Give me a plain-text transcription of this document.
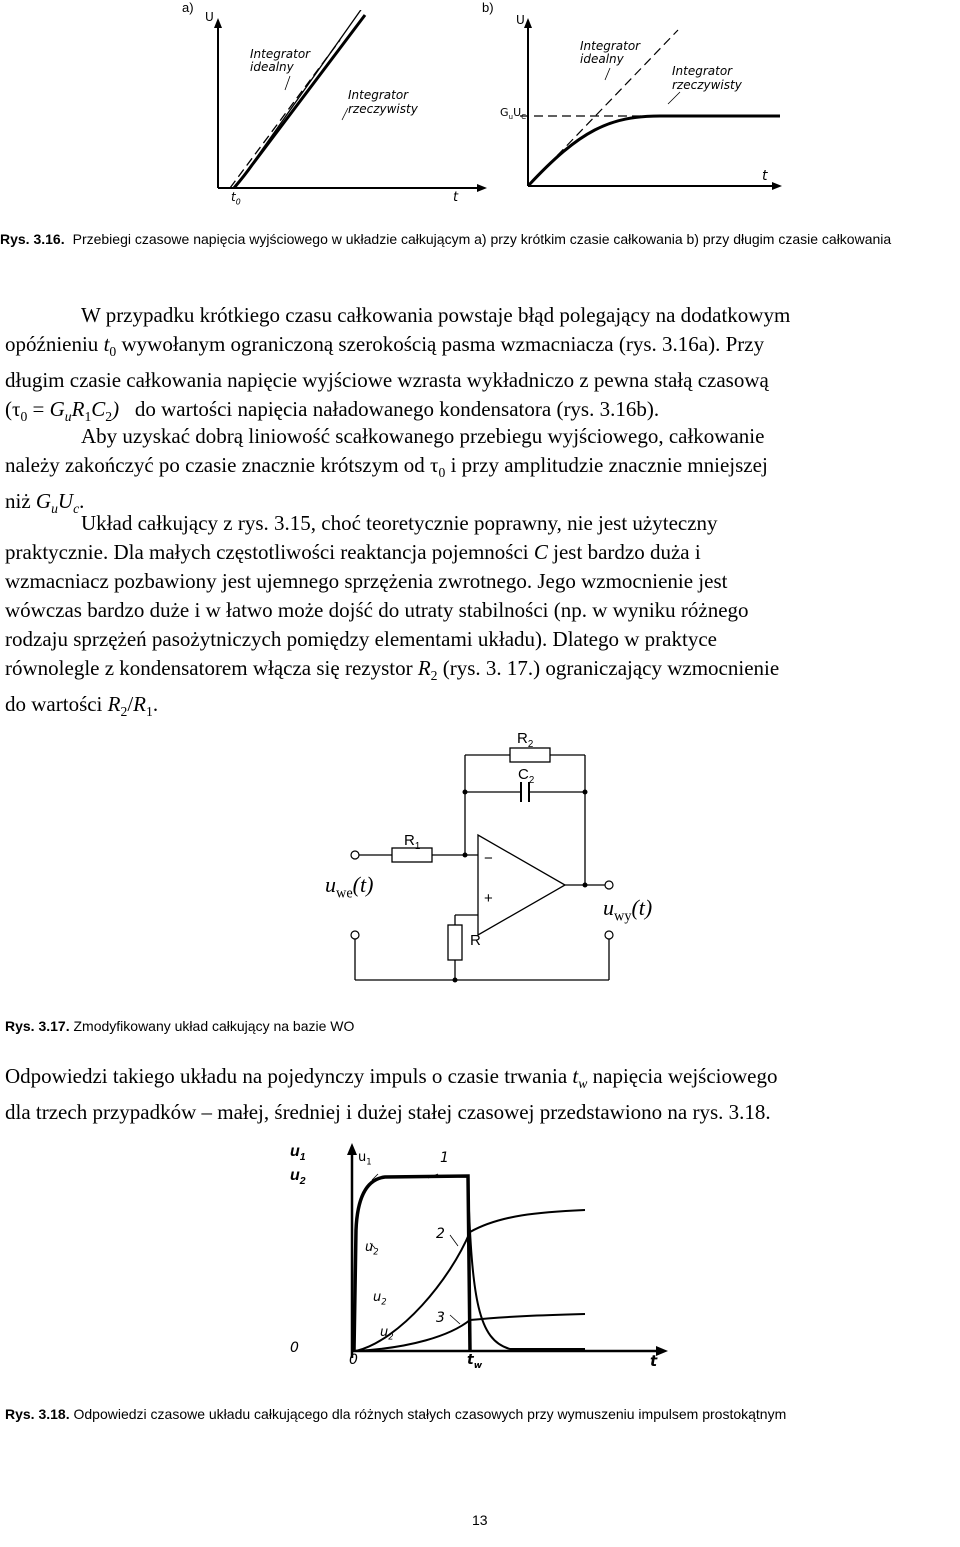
a)	b)
U	U
t
t
$t_0$
Integrator
idealny
Integrator
rzeczywisty
Integrator
idealny
Integrator
rzeczywisty
$G_uU_C$
Rys. 3.16. Przebiegi czasowe napięcia wyjściowego w układzie całkującym a) przy krótkim czasie całkowania b) przy długim czasie całkowania
W przypadku krótkiego czasu całkowania powstaje błąd polegający na dodatkowym
opóźnieniu $t_0$ wywołanym ograniczoną szerokością pasma wzmacniacza (rys. 3.16a). Przy
długim czasie całkowania napięcie wyjściowe wzrasta wykładniczo z pewna stałą czasową
$(\tau_0 = G_uR_1C_2)$ do wartości napięcia naładowanego kondensatora (rys. 3.16b).
Aby uzyskać dobrą liniowość scałkowanego przebiegu wyjściowego, całkowanie
należy zakończyć po czasie znacznie krótszym od $\tau_0$ i przy amplitudzie znacznie mniejszej
niż $G_uU_c$.
Układ całkujący z rys. 3.15, choć teoretycznie poprawny, nie jest użyteczny
praktycznie. Dla małych częstotliwości reaktancja pojemności C jest bardzo duża i
wzmacniacz pozbawiony jest ujemnego sprzężenia zwrotnego. Jego wzmocnienie jest
wówczas bardzo duże i w łatwo może dojść do utraty stabilności (np. w wyniku różnego
rodzaju sprzężeń pasożytniczych pomiędzy elementami układu). Dlatego w praktyce
równolegle z kondensatorem włącza się rezystor $R_2$ (rys. 3. 17.) ograniczający wzmocnienie
do wartości $R_2/R_1$.
$R_2$
$C_2$
$R_1$
−
+
R
$u_{we}(t)$
$u_{wy}(t)$
Rys. 3.17. Zmodyfikowany układ całkujący na bazie WO
Odpowiedzi takiego układu na pojedynczy impuls o czasie trwania $t_w$ napięcia wejściowego
dla trzech przypadków – małej, średniej i dużej stałej czasowej przedstawiono na rys. 3.18.
$u_1$
$u_2$
$u_1$	1
2
3
$u_2$
$u_2$
$u_2$
0
0	$t_w$	t
Rys. 3.18. Odpowiedzi czasowe układu całkującego dla różnych stałych czasowych przy wymuszeniu impulsem prostokątnym
13
